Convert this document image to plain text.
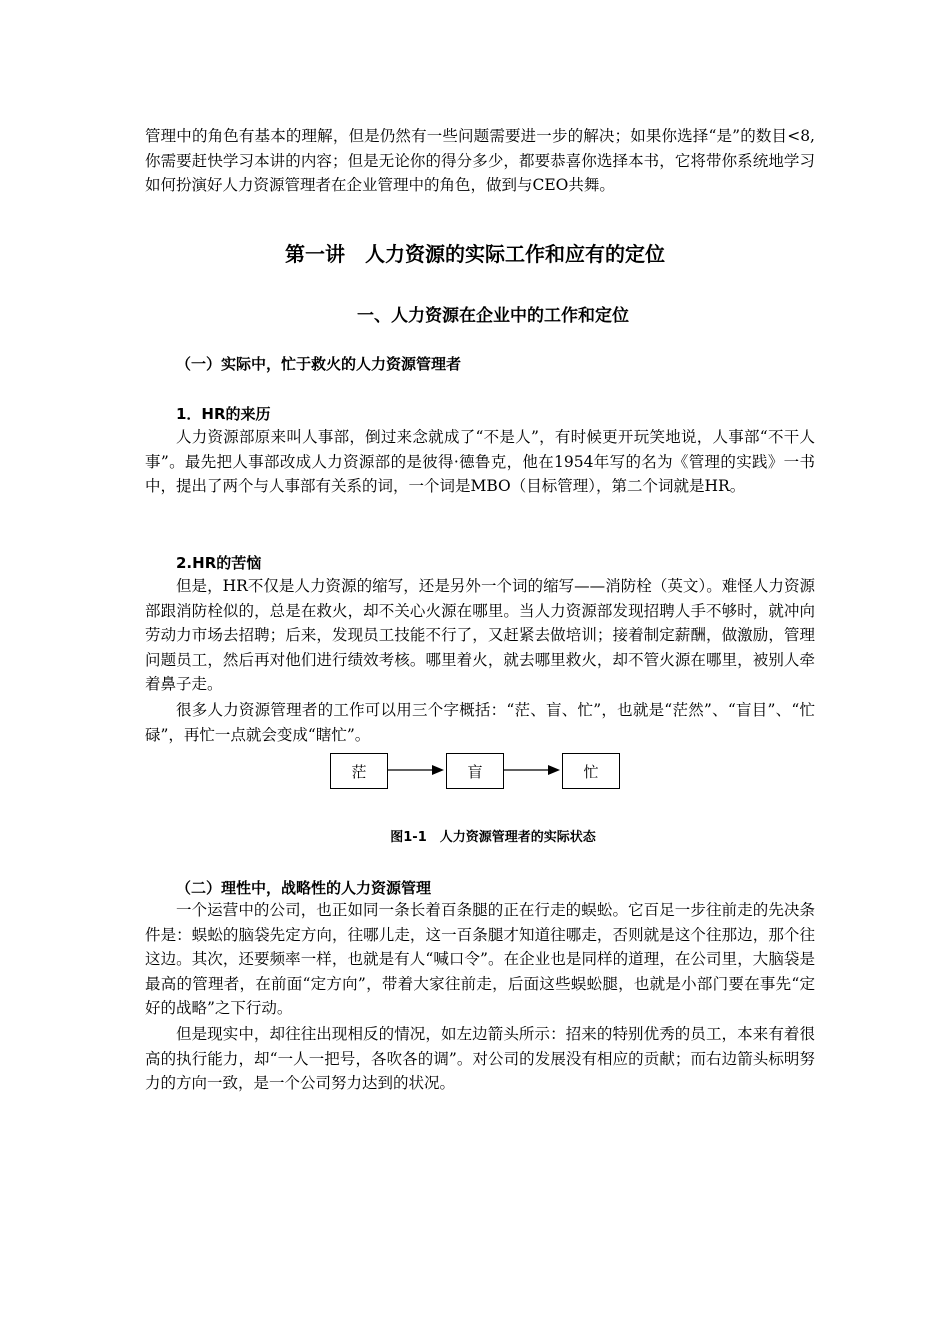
管理中的角色有基本的理解，但是仍然有一些问题需要进一步的解决；如果你选择“是”的数目<8,你需要赶快学习本讲的内容；但是无论你的得分多少，都要恭喜你选择本书，它将带你系统地学习如何扮演好人力资源管理者在企业管理中的角色，做到与CEO共舞。

第一讲　人力资源的实际工作和应有的定位
一、人力资源在企业中的工作和定位
（一）实际中，忙于救火的人力资源管理者
1．HR的来历

人力资源部原来叫人事部，倒过来念就成了“不是人”，有时候更开玩笑地说，人事部“不干人事”。最先把人事部改成人力资源部的是彼得·德鲁克，他在1954年写的名为《管理的实践》一书中，提出了两个与人事部有关系的词，一个词是MBO（目标管理），第二个词就是HR。

2.HR的苦恼

但是，HR不仅是人力资源的缩写，还是另外一个词的缩写——消防栓（英文）。难怪人力资源部跟消防栓似的，总是在救火，却不关心火源在哪里。当人力资源部发现招聘人手不够时，就冲向劳动力市场去招聘；后来，发现员工技能不行了，又赶紧去做培训；接着制定薪酬，做激励，管理问题员工，然后再对他们进行绩效考核。哪里着火，就去哪里救火，却不管火源在哪里，被别人牵着鼻子走。

很多人力资源管理者的工作可以用三个字概括：“茫、盲、忙”，也就是“茫然”、“盲目”、“忙碌”，再忙一点就会变成“瞎忙”。

茫	盲	忙

图1-1　人力资源管理者的实际状态

（二）理性中，战略性的人力资源管理

一个运营中的公司，也正如同一条长着百条腿的正在行走的蜈蚣。它百足一步往前走的先决条件是：蜈蚣的脑袋先定方向，往哪儿走，这一百条腿才知道往哪走，否则就是这个往那边，那个往这边。其次，还要频率一样，也就是有人“喊口令”。在企业也是同样的道理，在公司里，大脑袋是最高的管理者，在前面“定方向”，带着大家往前走，后面这些蜈蚣腿，也就是小部门要在事先“定好的战略”之下行动。

但是现实中，却往往出现相反的情况，如左边箭头所示：招来的特别优秀的员工，本来有着很高的执行能力，却“一人一把号，各吹各的调”。对公司的发展没有相应的贡献；而右边箭头标明努力的方向一致，是一个公司努力达到的状况。
